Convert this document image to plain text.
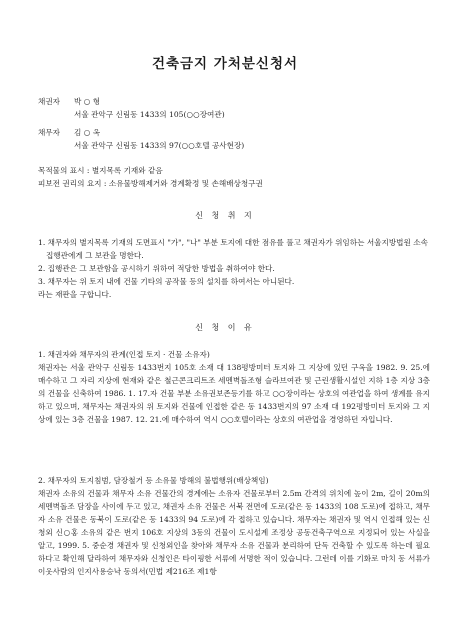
건축금지 가처분신청서
채권자 박 ○ 형
서울 관악구 신림동 1433의 105(○○장여관)
채무자 김 ○ 옥
서울 관악구 신림동 1433의 97(○○호텔 공사현장)
목적물의 표시 : 별지목록 기재와 같음
피보전 권리의 요지 : 소유물방해제거와 경계확정 및 손해배상청구권
신 청 취 지
1. 채무자의 별지목록 기재의 도면표시 "가", "나" 부분 토지에 대한 점유를 풀고 채권자가 위임하는 서울지방법원 소속 집행관에게 그 보관을 명한다.
2. 집행관은 그 보관함을 공시하기 위하여 적당한 방법을 취하여야 한다.
3. 채무자는 위 토지 내에 건물 기타의 공작물 등의 설치를 하여서는 아니된다.
라는 재판을 구합니다.
신 청 이 유
1. 채권자와 채무자의 관계(인접 토지 · 건물 소유자)
채권자는 서울 관악구 신림동 1433번지 105호 소재 대 138평방미터 토지와 그 지상에 있던 구옥을 1982. 9. 25.에 매수하고 그 자리 지상에 현재와 같은 철근콘크리트조 세멘벽돌조형 슬라브여관 및 근린생활시설인 지하 1층 지상 3층의 건물을 신축하여 1986. 1. 17.자 건물 부분 소유권보존등기를 하고 ○○장이라는 상호의 여관업을 하여 생계를 유지하고 있으며, 채무자는 채권자의 위 토지와 건물에 인접한 같은 동 1433번지의 97 소재 대 192평방미터 토지와 그 지상에 있는 3층 건물을 1987. 12. 21.에 매수하여 역시 ○○호텔이라는 상호의 여관업을 경영하던 자입니다.
2. 채무자의 토지침범, 담장철거 등 소유물 방해의 불법행위(배상책임)
채권자 소유의 건물과 채무자 소유 건물간의 경계에는 소유자 건물로부터 2.5m 간격의 위치에 높이 2m, 길이 20m의 세멘벽돌조 담장을 사이에 두고 있고, 채권자 소유 건물은 서북 전면에 도로(같은 동 1433의 108 도로)에 접하고, 채무자 소유 건물은 동북이 도로(같은 동 1433의 94 도로)에 각 접하고 있습니다. 채무자는 채권자 및 역시 인접해 있는 신청외 신○홍 소유의 같은 번지 106호 지상의 3동의 건물이 도시설계 조정상 공동건축구역으로 지정되어 있는 사실을 알고, 1999. 5. 중순경 채권자 및 신청외인을 찾아와 채무자 소유 건물과 분리하여 단독 건축할 수 있도록 하는데 필요하다고 확인해 달라하여 채무자와 신청인은 타이핑한 서류에 서명한 적이 있습니다. 그런데 이를 기화로 마치 동 서류가 이웃사람의 인지사용승낙 동의서(민법 제216조 제1항
